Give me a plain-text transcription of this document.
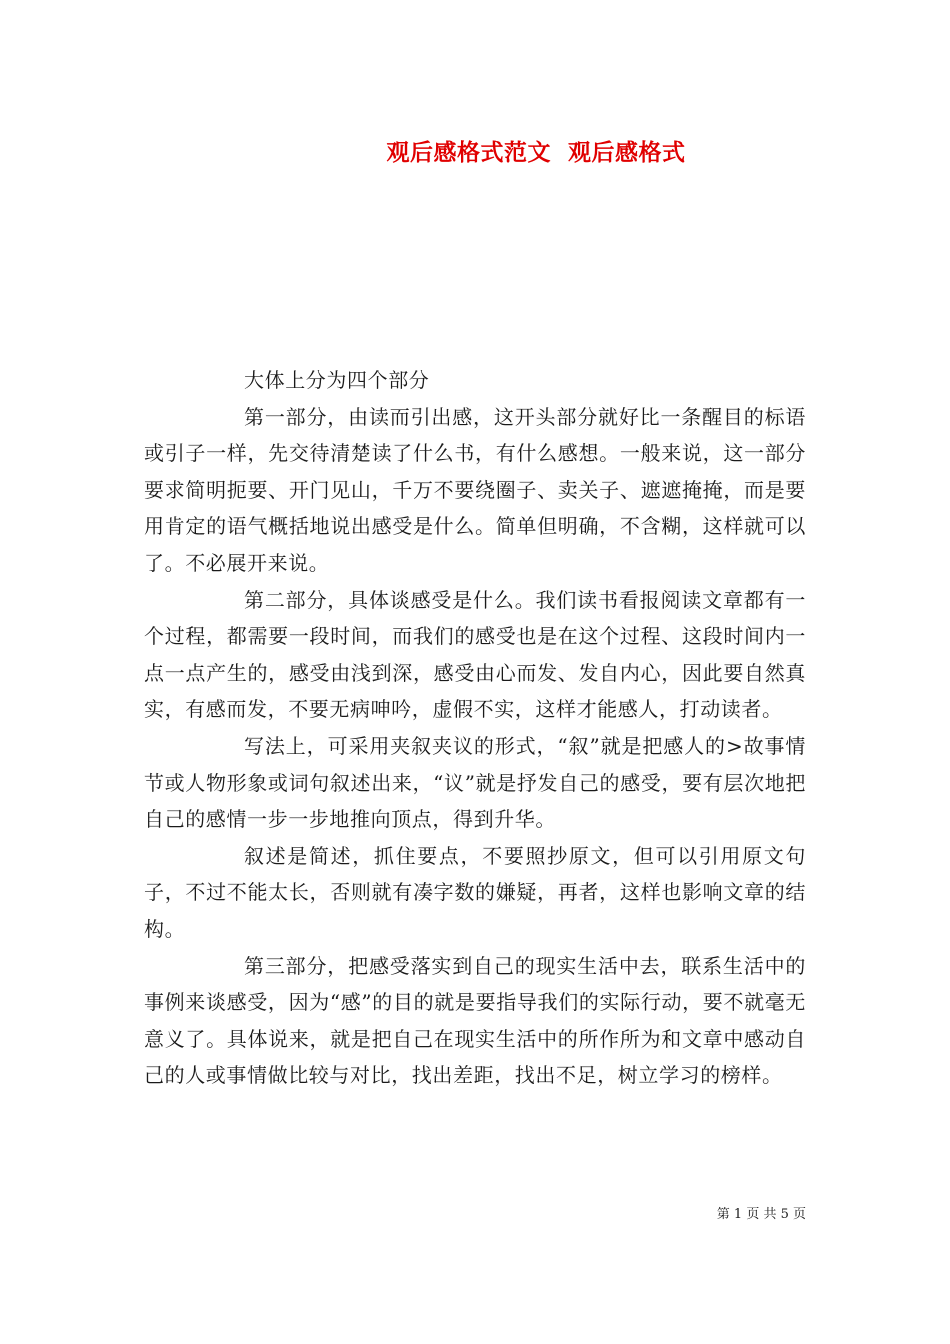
观后感格式范文  观后感格式

大体上分为四个部分

第一部分，由读而引出感，这开头部分就好比一条醒目的标语或引子一样，先交待清楚读了什么书，有什么感想。一般来说，这一部分要求简明扼要、开门见山，千万不要绕圈子、卖关子、遮遮掩掩，而是要用肯定的语气概括地说出感受是什么。简单但明确，不含糊，这样就可以了。不必展开来说。

第二部分，具体谈感受是什么。我们读书看报阅读文章都有一个过程，都需要一段时间，而我们的感受也是在这个过程、这段时间内一点一点产生的，感受由浅到深，感受由心而发、发自内心，因此要自然真实，有感而发，不要无病呻吟，虚假不实，这样才能感人，打动读者。

写法上，可采用夹叙夹议的形式，“叙”就是把感人的>故事情节或人物形象或词句叙述出来，“议”就是抒发自己的感受，要有层次地把自己的感情一步一步地推向顶点，得到升华。

叙述是简述，抓住要点，不要照抄原文，但可以引用原文句子，不过不能太长，否则就有凑字数的嫌疑，再者，这样也影响文章的结构。

第三部分，把感受落实到自己的现实生活中去，联系生活中的事例来谈感受，因为“感”的目的就是要指导我们的实际行动，要不就毫无意义了。具体说来，就是把自己在现实生活中的所作所为和文章中感动自己的人或事情做比较与对比，找出差距，找出不足，树立学习的榜样。

第 1 页 共 5 页
